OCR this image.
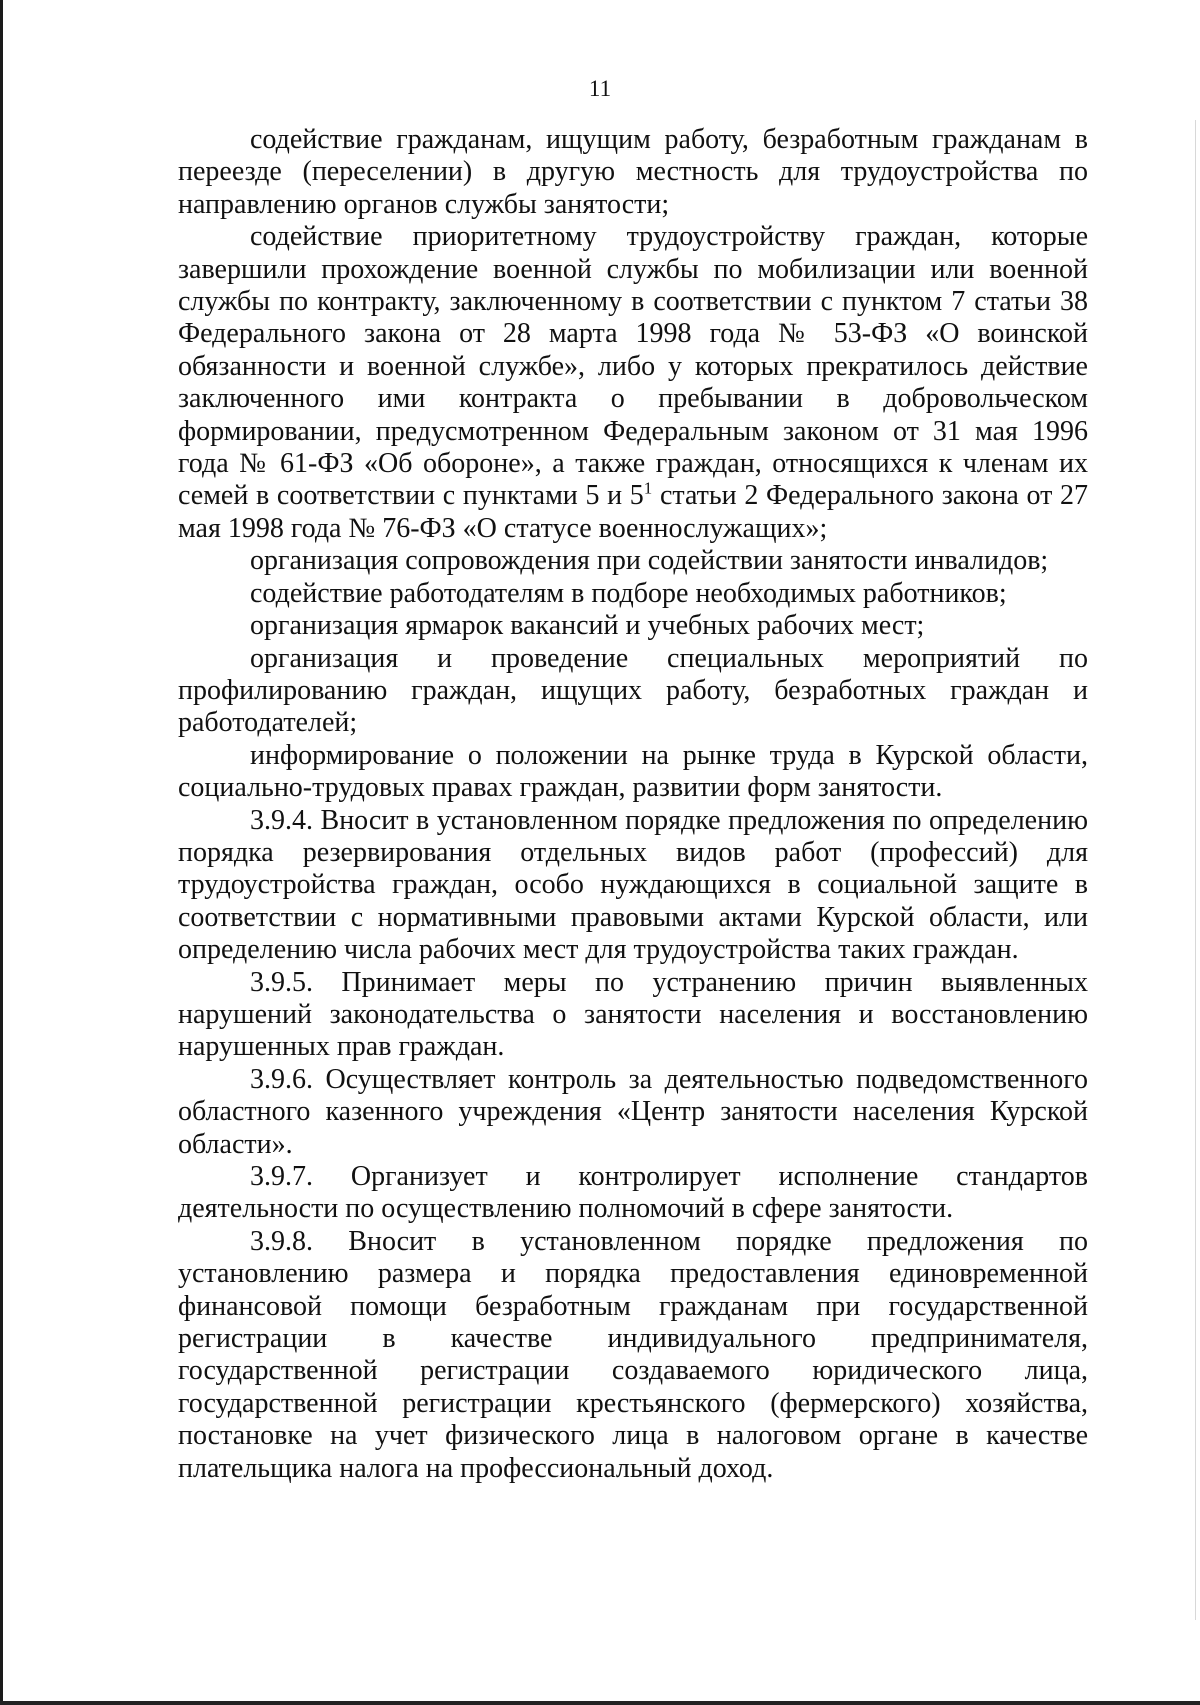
11

содействие гражданам, ищущим работу, безработным гражданам в переезде (переселении) в другую местность для трудоустройства по направлению органов службы занятости;

содействие приоритетному трудоустройству граждан, которые завершили прохождение военной службы по мобилизации или военной службы по контракту, заключенному в соответствии с пунктом 7 статьи 38 Федерального закона от 28 марта 1998 года № 53-ФЗ «О воинской обязанности и военной службе», либо у которых прекратилось действие заключенного ими контракта о пребывании в добровольческом формировании, предусмотренном Федеральным законом от 31 мая 1996 года № 61-ФЗ «Об обороне», а также граждан, относящихся к членам их семей в соответствии с пунктами 5 и $5^1$ статьи 2 Федерального закона от 27 мая 1998 года № 76-ФЗ «О статусе военнослужащих»;

организация сопровождения при содействии занятости инвалидов;

содействие работодателям в подборе необходимых работников;

организация ярмарок вакансий и учебных рабочих мест;

организация и проведение специальных мероприятий по профилированию граждан, ищущих работу, безработных граждан и работодателей;

информирование о положении на рынке труда в Курской области, социально-трудовых правах граждан, развитии форм занятости.

3.9.4. Вносит в установленном порядке предложения по определению порядка резервирования отдельных видов работ (профессий) для трудоустройства граждан, особо нуждающихся в социальной защите в соответствии с нормативными правовыми актами Курской области, или определению числа рабочих мест для трудоустройства таких граждан.

3.9.5. Принимает меры по устранению причин выявленных нарушений законодательства о занятости населения и восстановлению нарушенных прав граждан.

3.9.6. Осуществляет контроль за деятельностью подведомственного областного казенного учреждения «Центр занятости населения Курской области».

3.9.7. Организует и контролирует исполнение стандартов деятельности по осуществлению полномочий в сфере занятости.

3.9.8. Вносит в установленном порядке предложения по установлению размера и порядка предоставления единовременной финансовой помощи безработным гражданам при государственной регистрации в качестве индивидуального предпринимателя, государственной регистрации создаваемого юридического лица, государственной регистрации крестьянского (фермерского) хозяйства, постановке на учет физического лица в налоговом органе в качестве плательщика налога на профессиональный доход.
